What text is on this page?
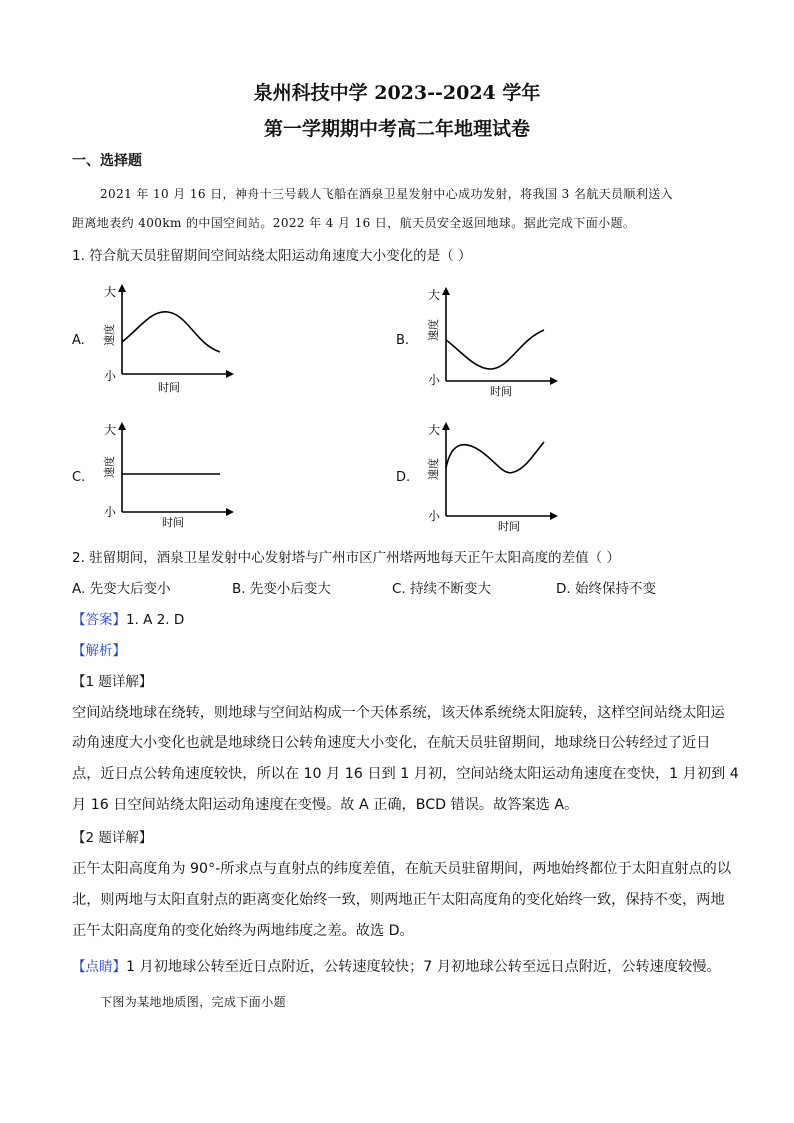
泉州科技中学 2023--2024 学年
第一学期期中考高二年地理试卷
一、选择题
2021 年 10 月 16 日，神舟十三号载人飞船在酒泉卫星发射中心成功发射，将我国 3 名航天员顺利送入
距离地表约 400km 的中国空间站。2022 年 4 月 16 日，航天员安全返回地球。据此完成下面小题。
1. 符合航天员驻留期间空间站绕太阳运动角速度大小变化的是（ ）
A.	B.
C.	D.
大
小
速度
时间
大
小
速度
时间
大
小
速度
时间
大
小
速度
时间
2. 驻留期间，酒泉卫星发射中心发射塔与广州市区广州塔两地每天正午太阳高度的差值（ ）
A. 先变大后变小	B. 先变小后变大	C. 持续不断变大	D. 始终保持不变
【答案】1. A 2. D
【解析】
【1 题详解】
空间站绕地球在绕转，则地球与空间站构成一个天体系统，该天体系统绕太阳旋转，这样空间站绕太阳运
动角速度大小变化也就是地球绕日公转角速度大小变化，在航天员驻留期间，地球绕日公转经过了近日
点，近日点公转角速度较快，所以在 10 月 16 日到 1 月初，空间站绕太阳运动角速度在变快，1 月初到 4
月 16 日空间站绕太阳运动角速度在变慢。故 A 正确，BCD 错误。故答案选 A。
【2 题详解】
正午太阳高度角为 90°-所求点与直射点的纬度差值，在航天员驻留期间，两地始终都位于太阳直射点的以
北，则两地与太阳直射点的距离变化始终一致，则两地正午太阳高度角的变化始终一致，保持不变，两地
正午太阳高度角的变化始终为两地纬度之差。故选 D。
【点睛】1 月初地球公转至近日点附近，公转速度较快；7 月初地球公转至远日点附近，公转速度较慢。
下图为某地地质图，完成下面小题
